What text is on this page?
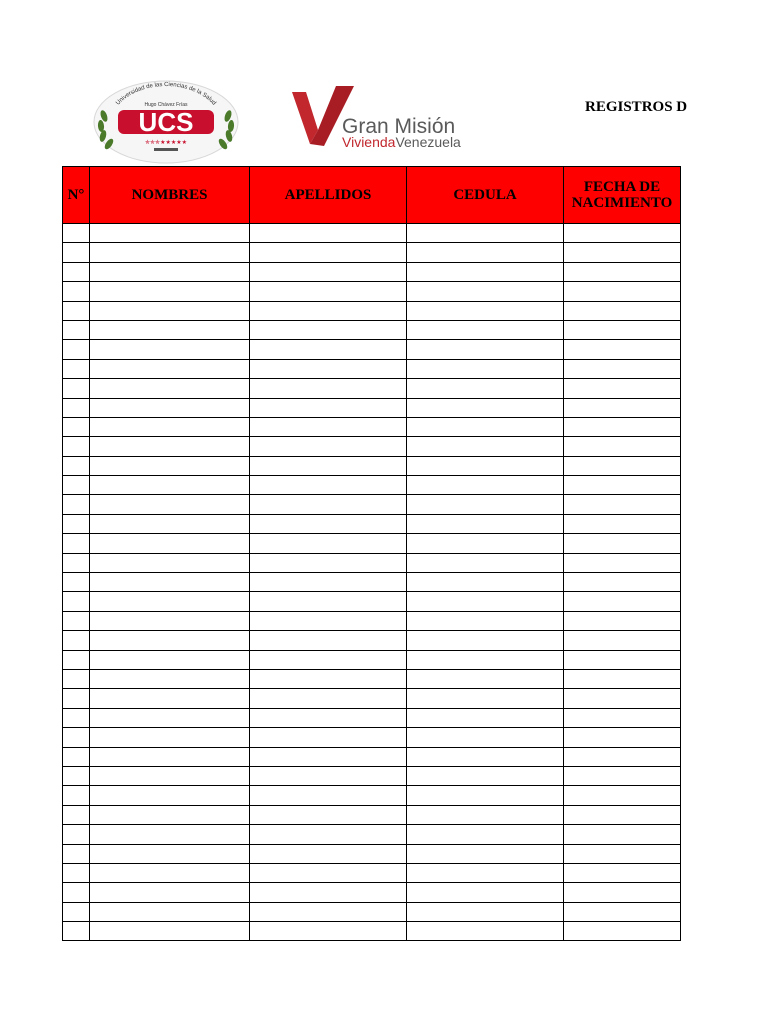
Universidad de las Ciencias de la Salud
Hugo Chávez Frías
UCS
✯✯✯★★★★★
Gran Misión
ViviendaVenezuela
REGISTROS D
N°	NOMBRES	APELLIDOS	CEDULA	FECHA DE NACIMIENTO
